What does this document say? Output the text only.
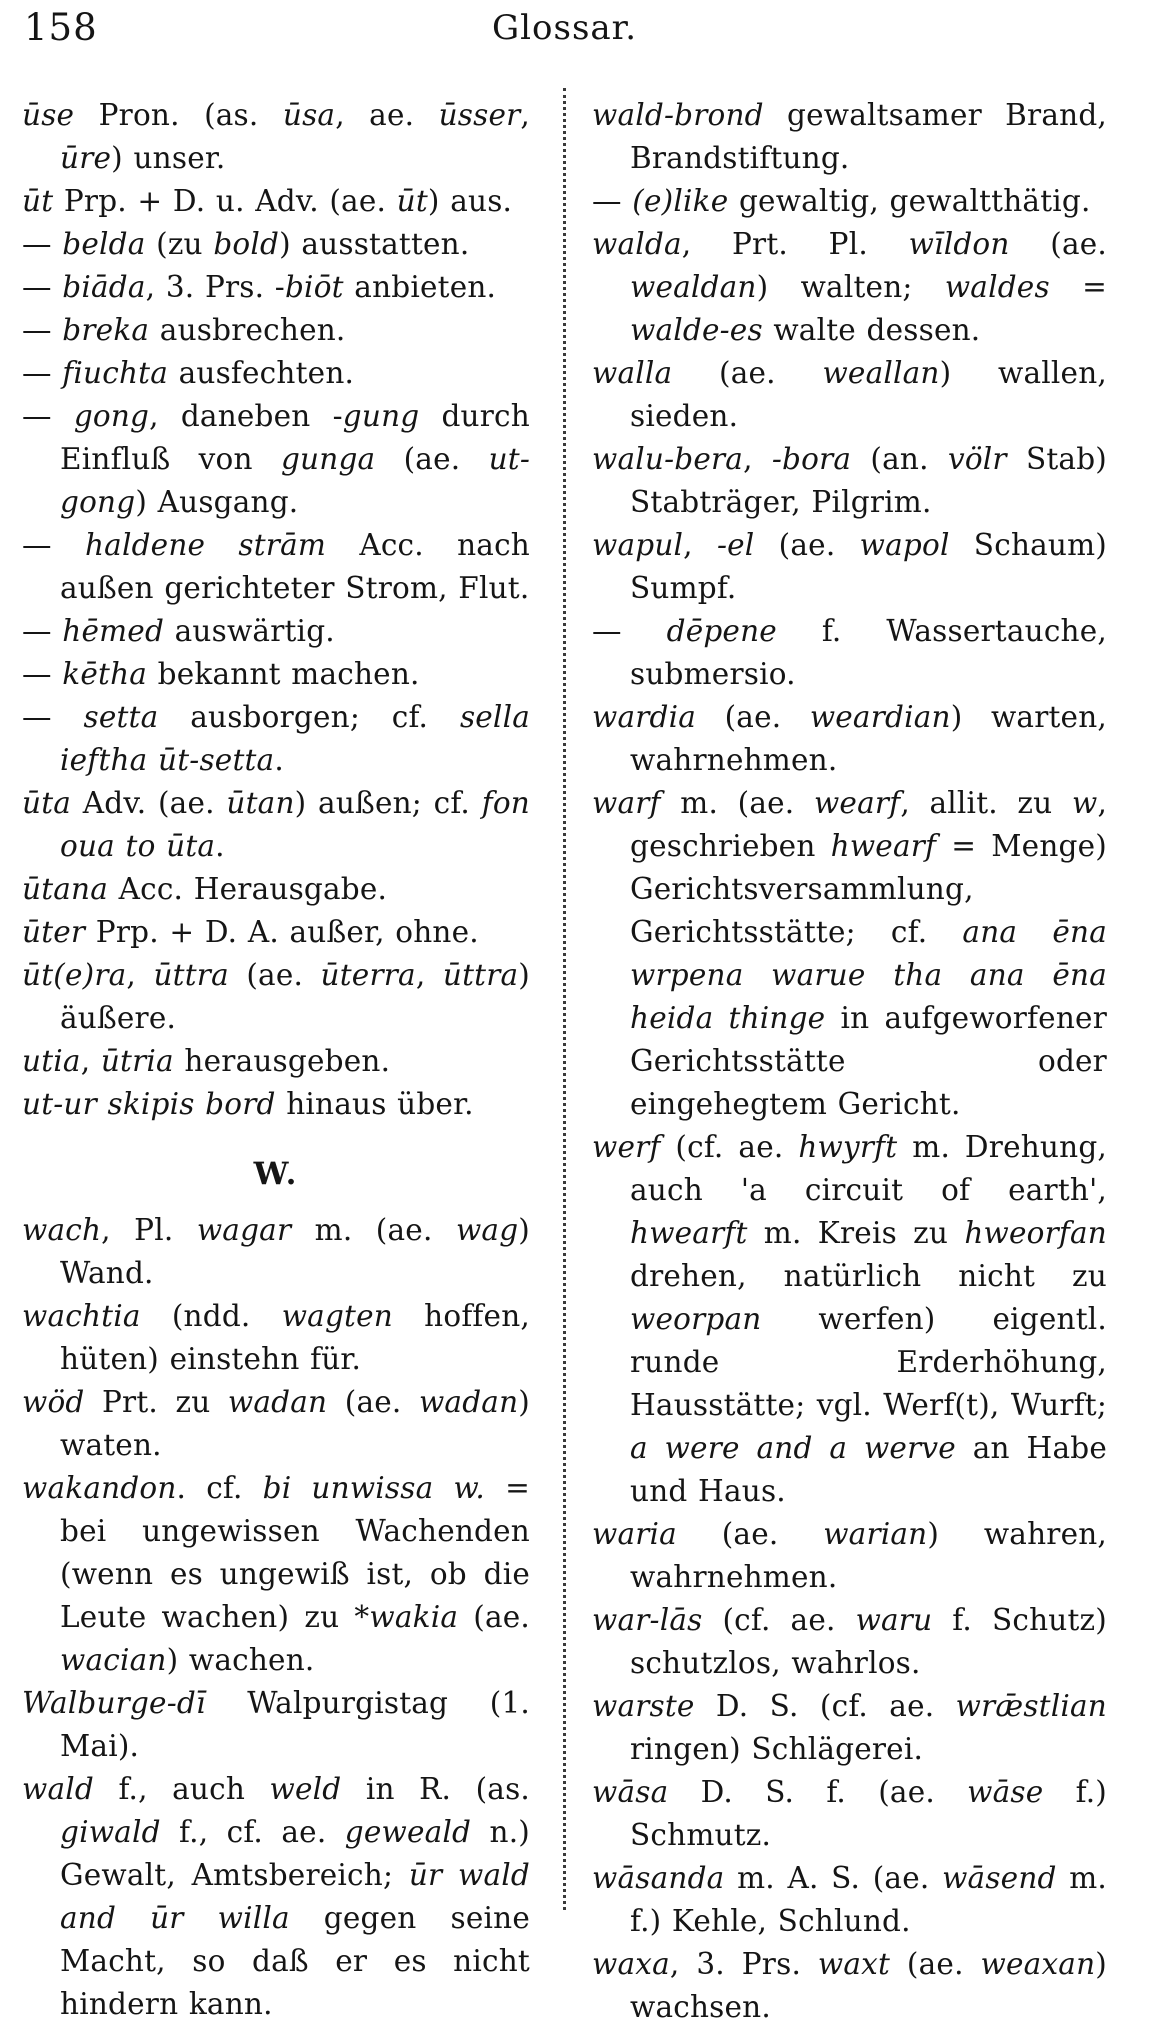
158	Glossar.
ūse Pron. (as. ūsa, ae. ūsser, ūre) unser.
ūt Prp. + D. u. Adv. (ae. ūt) aus.
— belda (zu bold) ausstatten.
— biāda, 3. Prs. -biōt anbieten.
— breka ausbrechen.
— fiuchta ausfechten.
— gong, daneben -gung durch Einfluß von gunga (ae. ut-gong) Ausgang.
— haldene strām Acc. nach außen gerichteter Strom, Flut.
— hēmed auswärtig.
— kētha bekannt machen.
— setta ausborgen; cf. sella ieftha ūt-setta.
ūta Adv. (ae. ūtan) außen; cf. fon oua to ūta.
ūtana Acc. Herausgabe.
ūter Prp. + D. A. außer, ohne.
ūt(e)ra, ūttra (ae. ūterra, ūttra) äußere.
utia, ūtria herausgeben.
ut-ur skipis bord hinaus über.
W.
wach, Pl. wagar m. (ae. wag) Wand.
wachtia (ndd. wagten hoffen, hüten) einstehn für.
wöd Prt. zu wadan (ae. wadan) waten.
wakandon. cf. bi unwissa w. = bei ungewissen Wachenden (wenn es ungewiß ist, ob die Leute wachen) zu *wakia (ae. wacian) wachen.
Walburge-dī Walpurgistag (1. Mai).
wald f., auch weld in R. (as. giwald f., cf. ae. geweald n.) Gewalt, Amtsbereich; ūr wald and ūr willa gegen seine Macht, so daß er es nicht hindern kann.
wald-brond gewaltsamer Brand, Brandstiftung.
— (e)like gewaltig, gewaltthätig.
walda, Prt. Pl. wīldon (ae. wealdan) walten; waldes = walde-es walte dessen.
walla (ae. weallan) wallen, sieden.
walu-bera, -bora (an. völr Stab) Stabträger, Pilgrim.
wapul, -el (ae. wapol Schaum) Sumpf.
— dēpene f. Wassertauche, submersio.
wardia (ae. weardian) warten, wahrnehmen.
warf m. (ae. wearf, allit. zu w, geschrieben hwearf = Menge) Gerichtsversammlung, Gerichtsstätte; cf. ana ēna wrpena warue tha ana ēna heida thinge in aufgeworfener Gerichtsstätte oder eingehegtem Gericht.
werf (cf. ae. hwyrft m. Drehung, auch 'a circuit of earth', hwearft m. Kreis zu hweorfan drehen, natürlich nicht zu weorpan werfen) eigentl. runde Erderhöhung, Hausstätte; vgl. Werf(t), Wurft; a were and a werve an Habe und Haus.
waria (ae. warian) wahren, wahrnehmen.
war-lās (cf. ae. waru f. Schutz) schutzlos, wahrlos.
warste D. S. (cf. ae. wrǣstlian ringen) Schlägerei.
wāsa D. S. f. (ae. wāse f.) Schmutz.
wāsanda m. A. S. (ae. wāsend m. f.) Kehle, Schlund.
waxa, 3. Prs. waxt (ae. weaxan) wachsen.
